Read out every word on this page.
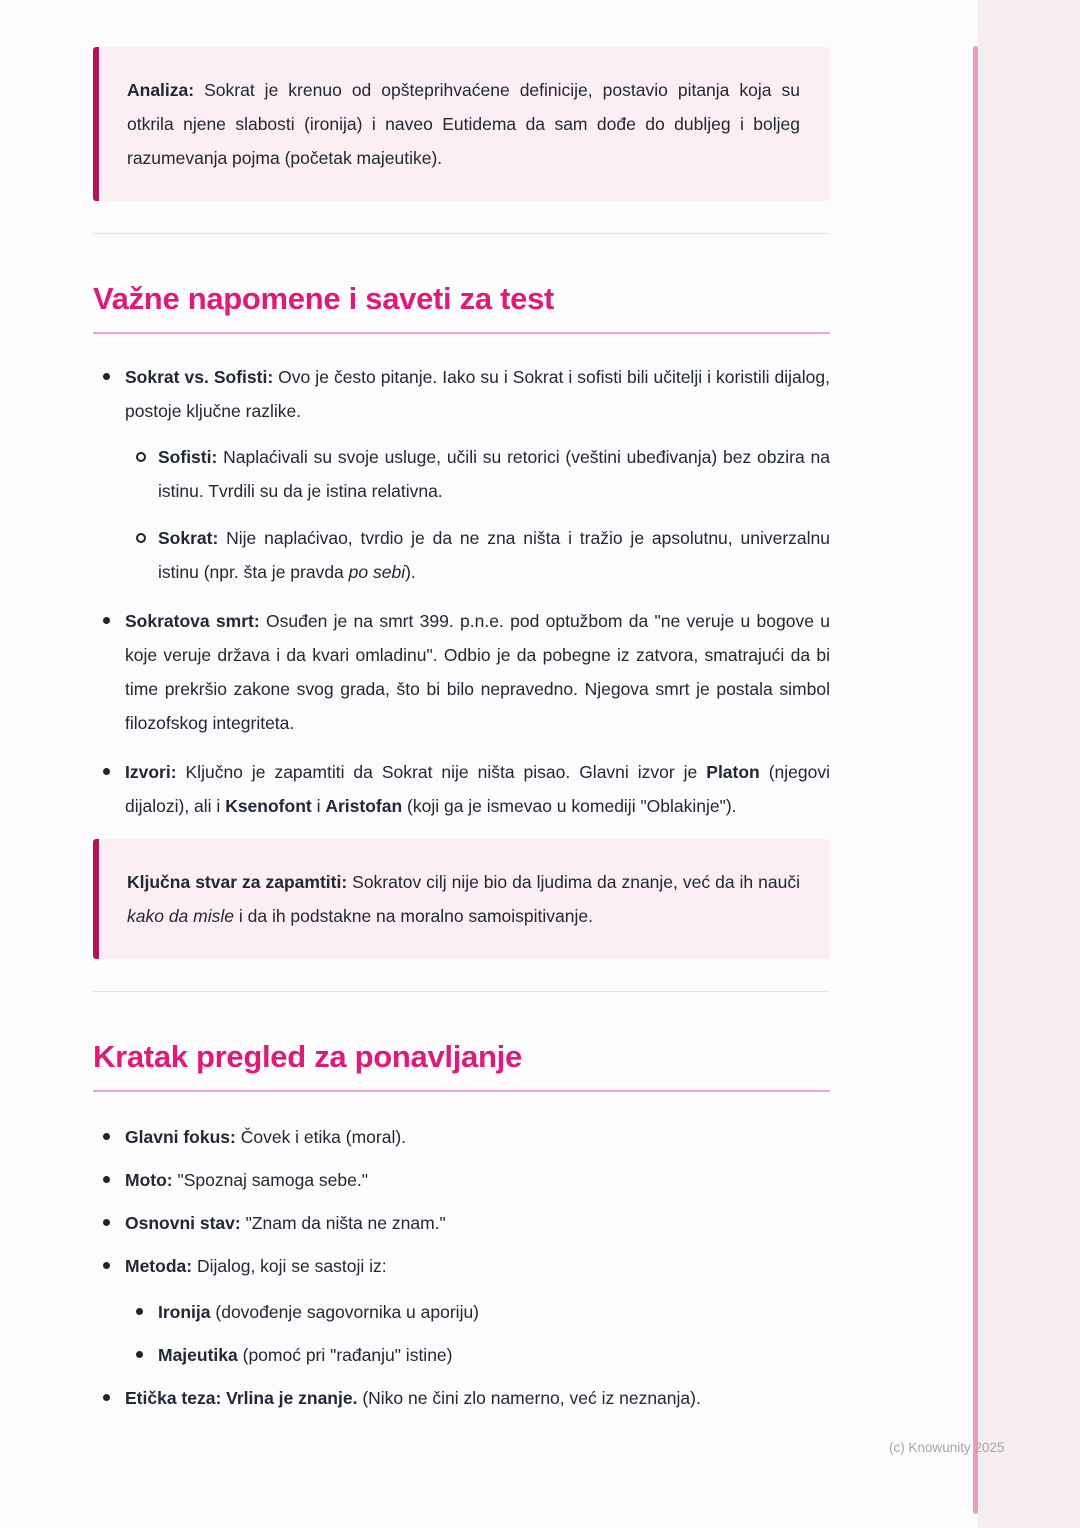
Analiza: Sokrat je krenuo od opšteprihvaćene definicije, postavio pitanja koja su otkrila njene slabosti (ironija) i naveo Eutidema da sam dođe do dubljeg i boljeg razumevanja pojma (početak majeutike).
Važne napomene i saveti za test
Sokrat vs. Sofisti: Ovo je često pitanje. Iako su i Sokrat i sofisti bili učitelji i koristili dijalog, postoje ključne razlike.
Sofisti: Naplaćivali su svoje usluge, učili su retorici (veštini ubeđivanja) bez obzira na istinu. Tvrdili su da je istina relativna.
Sokrat: Nije naplaćivao, tvrdio je da ne zna ništa i tražio je apsolutnu, univerzalnu istinu (npr. šta je pravda po sebi).
Sokratova smrt: Osuđen je na smrt 399. p.n.e. pod optužbom da "ne veruje u bogove u koje veruje država i da kvari omladinu". Odbio je da pobegne iz zatvora, smatrajući da bi time prekršio zakone svog grada, što bi bilo nepravedno. Njegova smrt je postala simbol filozofskog integriteta.
Izvori: Ključno je zapamtiti da Sokrat nije ništa pisao. Glavni izvor je Platon (njegovi dijalozi), ali i Ksenofont i Aristofan (koji ga je ismevao u komediji "Oblakinje").
Ključna stvar za zapamtiti: Sokratov cilj nije bio da ljudima da znanje, već da ih nauči kako da misle i da ih podstakne na moralno samoispitivanje.
Kratak pregled za ponavljanje
Glavni fokus: Čovek i etika (moral).
Moto: "Spoznaj samoga sebe."
Osnovni stav: "Znam da ništa ne znam."
Metoda: Dijalog, koji se sastoji iz:
Ironija (dovođenje sagovornika u aporiju)
Majeutika (pomoć pri "rađanju" istine)
Etička teza: Vrlina je znanje. (Niko ne čini zlo namerno, već iz neznanja).
(c) Knowunity 2025
